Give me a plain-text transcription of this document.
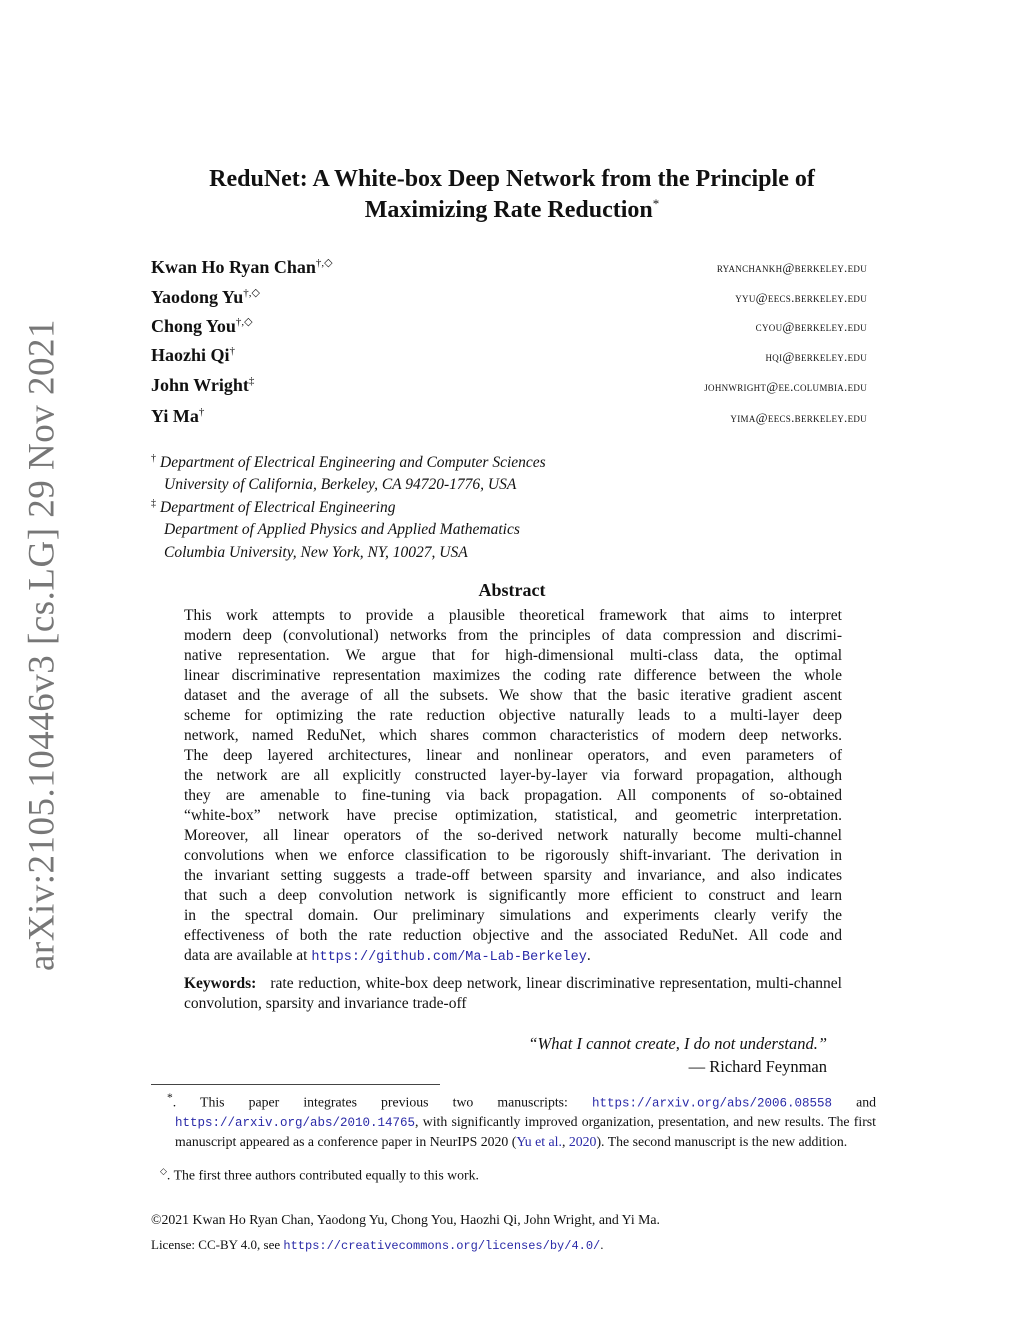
arXiv:2105.10446v3 [cs.LG] 29 Nov 2021
ReduNet: A White-box Deep Network from the Principle of
Maximizing Rate Reduction*
Kwan Ho Ryan Chan†,◇	ryanchankh@berkeley.edu
Yaodong Yu†,◇	yyu@eecs.berkeley.edu
Chong You†,◇	cyou@berkeley.edu
Haozhi Qi†	hqi@berkeley.edu
John Wright‡	johnwright@ee.columbia.edu
Yi Ma†	yima@eecs.berkeley.edu
† Department of Electrical Engineering and Computer Sciences
University of California, Berkeley, CA 94720-1776, USA
‡ Department of Electrical Engineering
Department of Applied Physics and Applied Mathematics
Columbia University, New York, NY, 10027, USA
Abstract
This work attempts to provide a plausible theoretical framework that aims to interpret
modern deep (convolutional) networks from the principles of data compression and discrimi-
native representation. We argue that for high-dimensional multi-class data, the optimal
linear discriminative representation maximizes the coding rate difference between the whole
dataset and the average of all the subsets. We show that the basic iterative gradient ascent
scheme for optimizing the rate reduction objective naturally leads to a multi-layer deep
network, named ReduNet, which shares common characteristics of modern deep networks.
The deep layered architectures, linear and nonlinear operators, and even parameters of
the network are all explicitly constructed layer-by-layer via forward propagation, although
they are amenable to fine-tuning via back propagation. All components of so-obtained
“white-box” network have precise optimization, statistical, and geometric interpretation.
Moreover, all linear operators of the so-derived network naturally become multi-channel
convolutions when we enforce classification to be rigorously shift-invariant. The derivation in
the invariant setting suggests a trade-off between sparsity and invariance, and also indicates
that such a deep convolution network is significantly more efficient to construct and learn
in the spectral domain. Our preliminary simulations and experiments clearly verify the
effectiveness of both the rate reduction objective and the associated ReduNet. All code and
data are available at https://github.com/Ma-Lab-Berkeley.
Keywords: rate reduction, white-box deep network, linear discriminative representation, multi-channel convolution, sparsity and invariance trade-off
“What I cannot create, I do not understand.”
— Richard Feynman
*. This paper integrates previous two manuscripts: https://arxiv.org/abs/2006.08558 and https://arxiv.org/abs/2010.14765, with significantly improved organization, presentation, and new results. The first manuscript appeared as a conference paper in NeurIPS 2020 (Yu et al., 2020). The second manuscript is the new addition.
◇. The first three authors contributed equally to this work.
©2021 Kwan Ho Ryan Chan, Yaodong Yu, Chong You, Haozhi Qi, John Wright, and Yi Ma.
License: CC-BY 4.0, see https://creativecommons.org/licenses/by/4.0/.
